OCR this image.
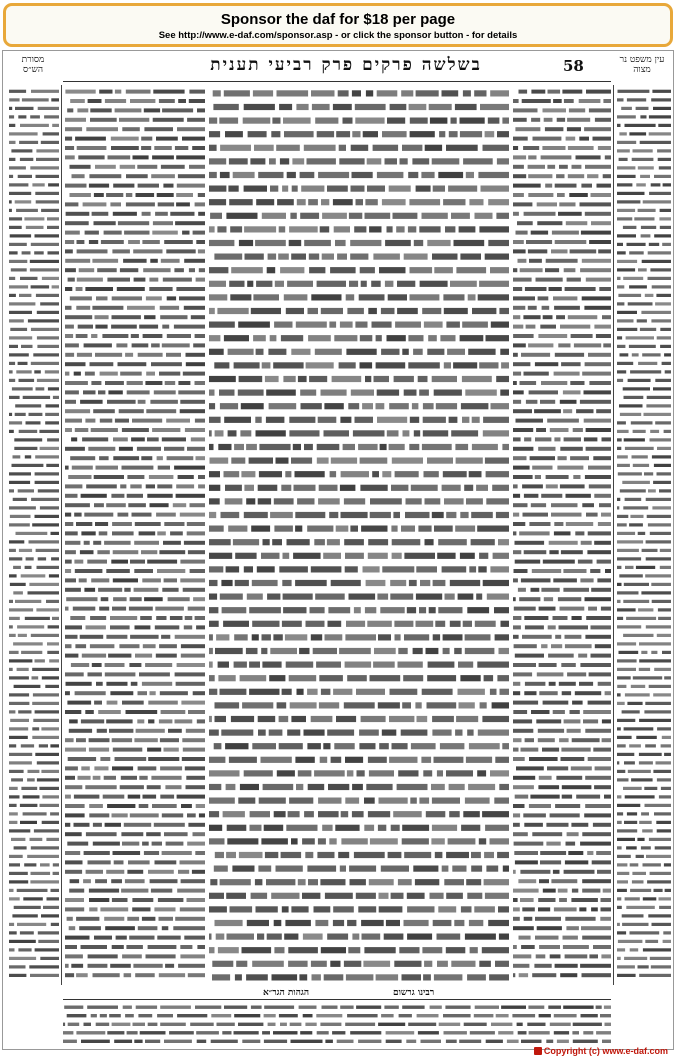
Sponsor the daf for $18 per page
See http://www.e-daf.com/sponsor.asp - or click the sponsor button - for details
מסורת הש״ס	בשלשה פרקים פרק רביעי תענית	58	עין משפט נר מצוה
רבינו גרשום
הגהות הגר״א
Copyright (c) www.e-daf.com
